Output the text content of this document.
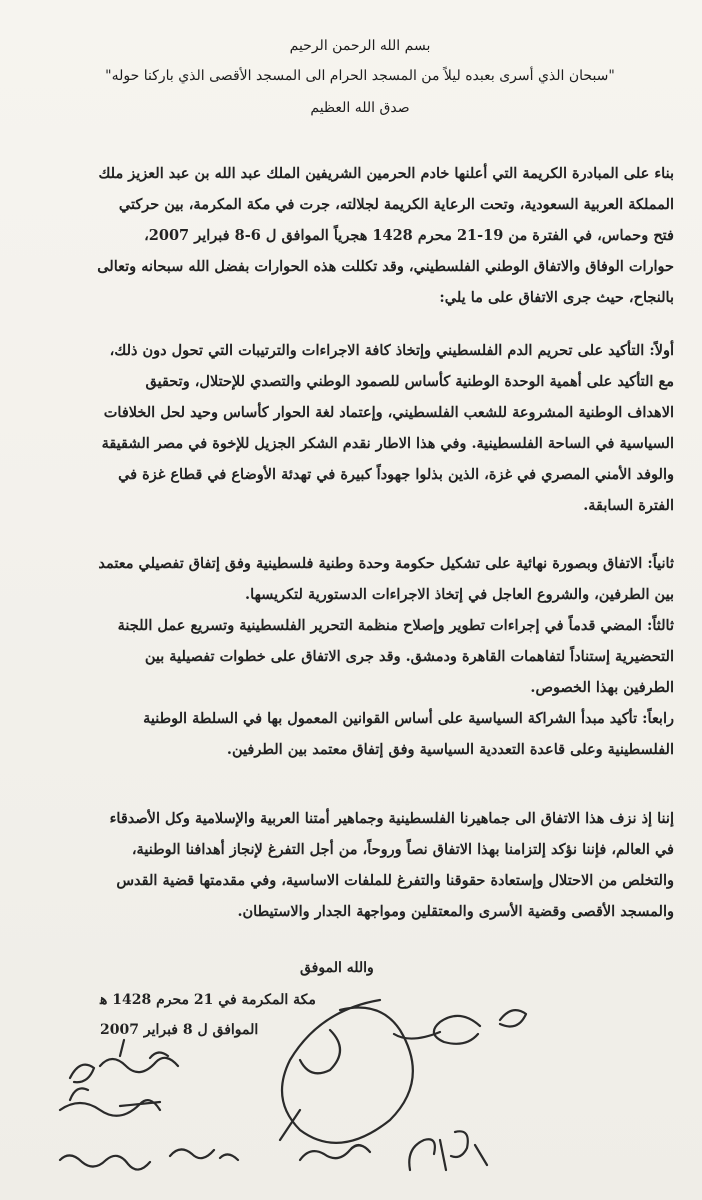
بسم الله الرحمن الرحيم
"سبحان الذي أسرى بعبده ليلاً من المسجد الحرام الى المسجد الأقصى الذي باركنا حوله"
صدق الله العظيم
بناء على المبادرة الكريمة التي أعلنها خادم الحرمين الشريفين الملك عبد الله بن عبد العزيز ملك
المملكة العربية السعودية، وتحت الرعاية الكريمة لجلالته، جرت في مكة المكرمة، بين حركتي
فتح وحماس، في الفترة من 19-21 محرم 1428 هجرياً الموافق ل 6-8 فبراير 2007،
حوارات الوفاق والاتفاق الوطني الفلسطيني، وقد تكللت هذه الحوارات بفضل الله سبحانه وتعالى
بالنجاح، حيث جرى الاتفاق على ما يلي:
أولاً: التأكيد على تحريم الدم الفلسطيني وإتخاذ كافة الاجراءات والترتيبات التي تحول دون ذلك،
مع التأكيد على أهمية الوحدة الوطنية كأساس للصمود الوطني والتصدي للإحتلال، وتحقيق
الاهداف الوطنية المشروعة للشعب الفلسطيني، وإعتماد لغة الحوار كأساس وحيد لحل الخلافات
السياسية في الساحة الفلسطينية. وفي هذا الاطار نقدم الشكر الجزيل للإخوة في مصر الشقيقة
والوفد الأمني المصري في غزة، الذين بذلوا جهوداً كبيرة في تهدئة الأوضاع في قطاع غزة في
الفترة السابقة.
ثانياً: الاتفاق وبصورة نهائية على تشكيل حكومة وحدة وطنية فلسطينية وفق إتفاق تفصيلي معتمد
بين الطرفين، والشروع العاجل في إتخاذ الاجراءات الدستورية لتكريسها.
ثالثاً: المضي قدماً في إجراءات تطوير وإصلاح منظمة التحرير الفلسطينية وتسريع عمل اللجنة
التحضيرية إستناداً لتفاهمات القاهرة ودمشق. وقد جرى الاتفاق على خطوات تفصيلية بين
الطرفين بهذا الخصوص.
رابعاً: تأكيد مبدأ الشراكة السياسية على أساس القوانين المعمول بها في السلطة الوطنية
الفلسطينية وعلى قاعدة التعددية السياسية وفق إتفاق معتمد بين الطرفين.
إننا إذ نزف هذا الاتفاق الى جماهيرنا الفلسطينية وجماهير أمتنا العربية والإسلامية وكل الأصدقاء
في العالم، فإننا نؤكد إلتزامنا بهذا الاتفاق نصاً وروحاً، من أجل التفرغ لإنجاز أهدافنا الوطنية،
والتخلص من الاحتلال وإستعادة حقوقنا والتفرغ للملفات الاساسية، وفي مقدمتها قضية القدس
والمسجد الأقصى وقضية الأسرى والمعتقلين ومواجهة الجدار والاستيطان.
والله الموفق
مكة المكرمة في 21 محرم 1428 ﻫ
الموافق ل 8 فبراير 2007
